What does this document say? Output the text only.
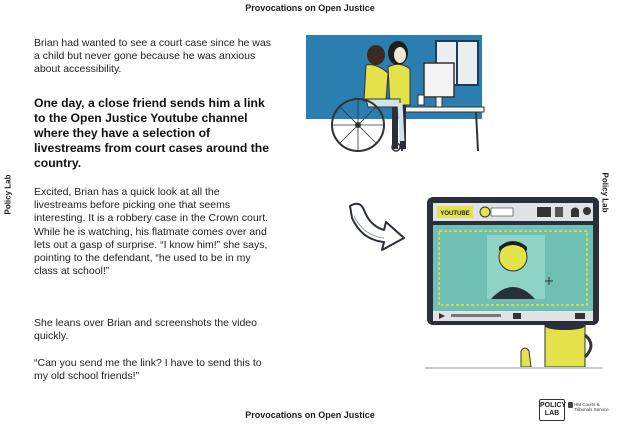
Provocations on Open Justice
Policy Lab	Policy Lab
Brian had wanted to see a court case since he was a child but never gone because he was anxious about accessibility.
One day, a close friend sends him a link to the Open Justice Youtube channel where they have a selection of livestreams from court cases around the country.
Excited, Brian has a quick look at all the livestreams before picking one that seems interesting. It is a robbery case in the Crown court. While he is watching, his flatmate comes over and lets out a gasp of surprise. “I know him!” she says, pointing to the defendant, “he used to be in my class at school!”
She leans over Brian and screenshots the video quickly.
“Can you send me the link? I have to send this to my old school friends!”
YOUTUBE
Provocations on Open Justice
POLICY
LAB
HM Courts &
Tribunals Service
